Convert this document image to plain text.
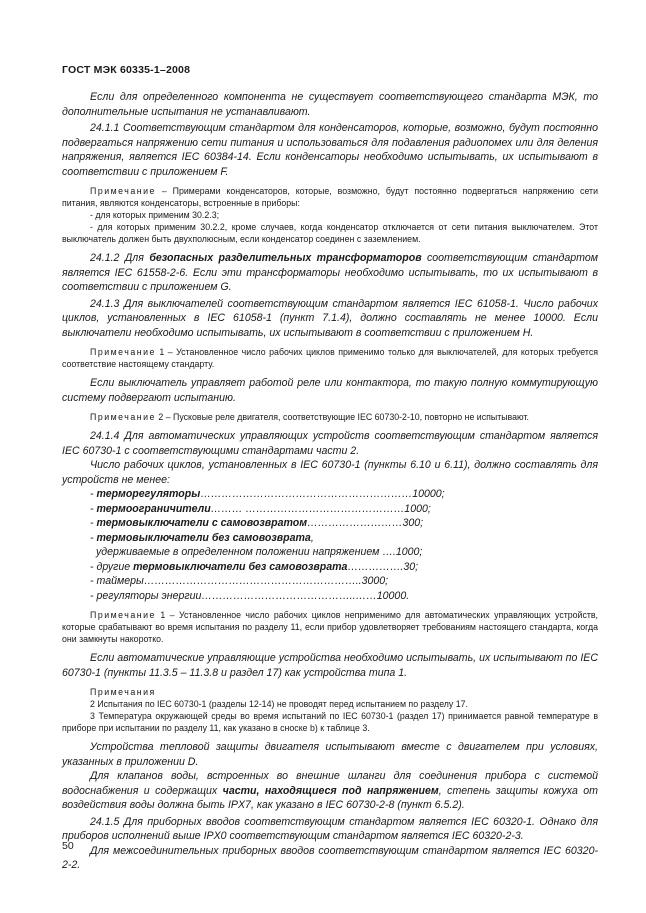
ГОСТ МЭК 60335-1–2008

Если для определенного компонента не существует соответствующего стандарта МЭК, то дополнительные испытания не устанавливают.

24.1.1 Соответствующим стандартом для конденсаторов, которые, возможно, будут постоянно подвергаться напряжению сети питания и использоваться для подавления радиопомех или для деления напряжения, является IEC 60384-14. Если конденсаторы необходимо испытывать, их испытывают в соответствии с приложением F.

Примечание – Примерами конденсаторов, которые, возможно, будут постоянно подвергаться напряжению сети питания, являются конденсаторы, встроенные в приборы:

- для которых применим 30.2.3;

- для которых применим 30.2.2, кроме случаев, когда конденсатор отключается от сети питания выключателем. Этот выключатель должен быть двухполюсным, если конденсатор соединен с заземлением.

24.1.2 Для безопасных разделительных трансформаторов соответствующим стандартом является IEC 61558-2-6. Если эти трансформаторы необходимо испытывать, то их испытывают в соответствии с приложением G.

24.1.3 Для выключателей соответствующим стандартом является IEC 61058-1. Число рабочих циклов, установленных в IEC 61058-1 (пункт 7.1.4), должно составлять не менее 10000. Если выключатели необходимо испытывать, их испытывают в соответствии с приложением H.

Примечание 1 – Установленное число рабочих циклов применимо только для выключателей, для которых требуется соответствие настоящему стандарту.

Если выключатель управляет работой реле или контактора, то такую полную коммутирующую систему подвергают испытанию.

Примечание 2 – Пусковые реле двигателя, соответствующие IEC 60730-2-10, повторно не испытывают.

24.1.4 Для автоматических управляющих устройств соответствующим стандартом является IEC 60730-1 с соответствующими стандартами части 2.

Число рабочих циклов, установленных в IEC 60730-1 (пункты 6.10 и 6.11), должно составлять для устройств не менее:

- терморегуляторы……………………………………………………10000;

- термоограничители……… ………………………………………1000;

- термовыключатели с самовозвратом………………………300;

- термовыключатели без самовозврата,

удерживаемые в определенном положении напряжением ….1000;

- другие термовыключатели без самовозврата…………….30;

- таймеры……………………………………………………..3000;

- регуляторы энергии……………………………………..……10000.

Примечание 1 – Установленное число рабочих циклов неприменимо для автоматических управляющих устройств, которые срабатывают во время испытания по разделу 11, если прибор удовлетворяет требованиям настоящего стандарта, когда они замкнуты накоротко.

Если автоматические управляющие устройства необходимо испытывать, их испытывают по IEC 60730-1 (пункты 11.3.5 – 11.3.8 и раздел 17) как устройства типа 1.

Примечания

2 Испытания по IEC 60730-1 (разделы 12-14) не проводят перед испытанием по разделу 17.

3 Температура окружающей среды во время испытаний по IEC 60730-1 (раздел 17) принимается равной температуре в приборе при испытании по разделу 11, как указано в сноске b) к таблице 3.

Устройства тепловой защиты двигателя испытывают вместе с двигателем при условиях, указанных в приложении D.

Для клапанов воды, встроенных во внешние шланги для соединения прибора с системой водоснабжения и содержащих части, находящиеся под напряжением, степень защиты кожуха от воздействия воды должна быть IPX7, как указано в IEC 60730-2-8 (пункт 6.5.2).

24.1.5 Для приборных вводов соответствующим стандартом является IEC 60320-1. Однако для приборов исполнений выше IPX0 соответствующим стандартом является IEC 60320-2-3.

Для межсоединительных приборных вводов соответствующим стандартом является IEC 60320-2-2.

50
